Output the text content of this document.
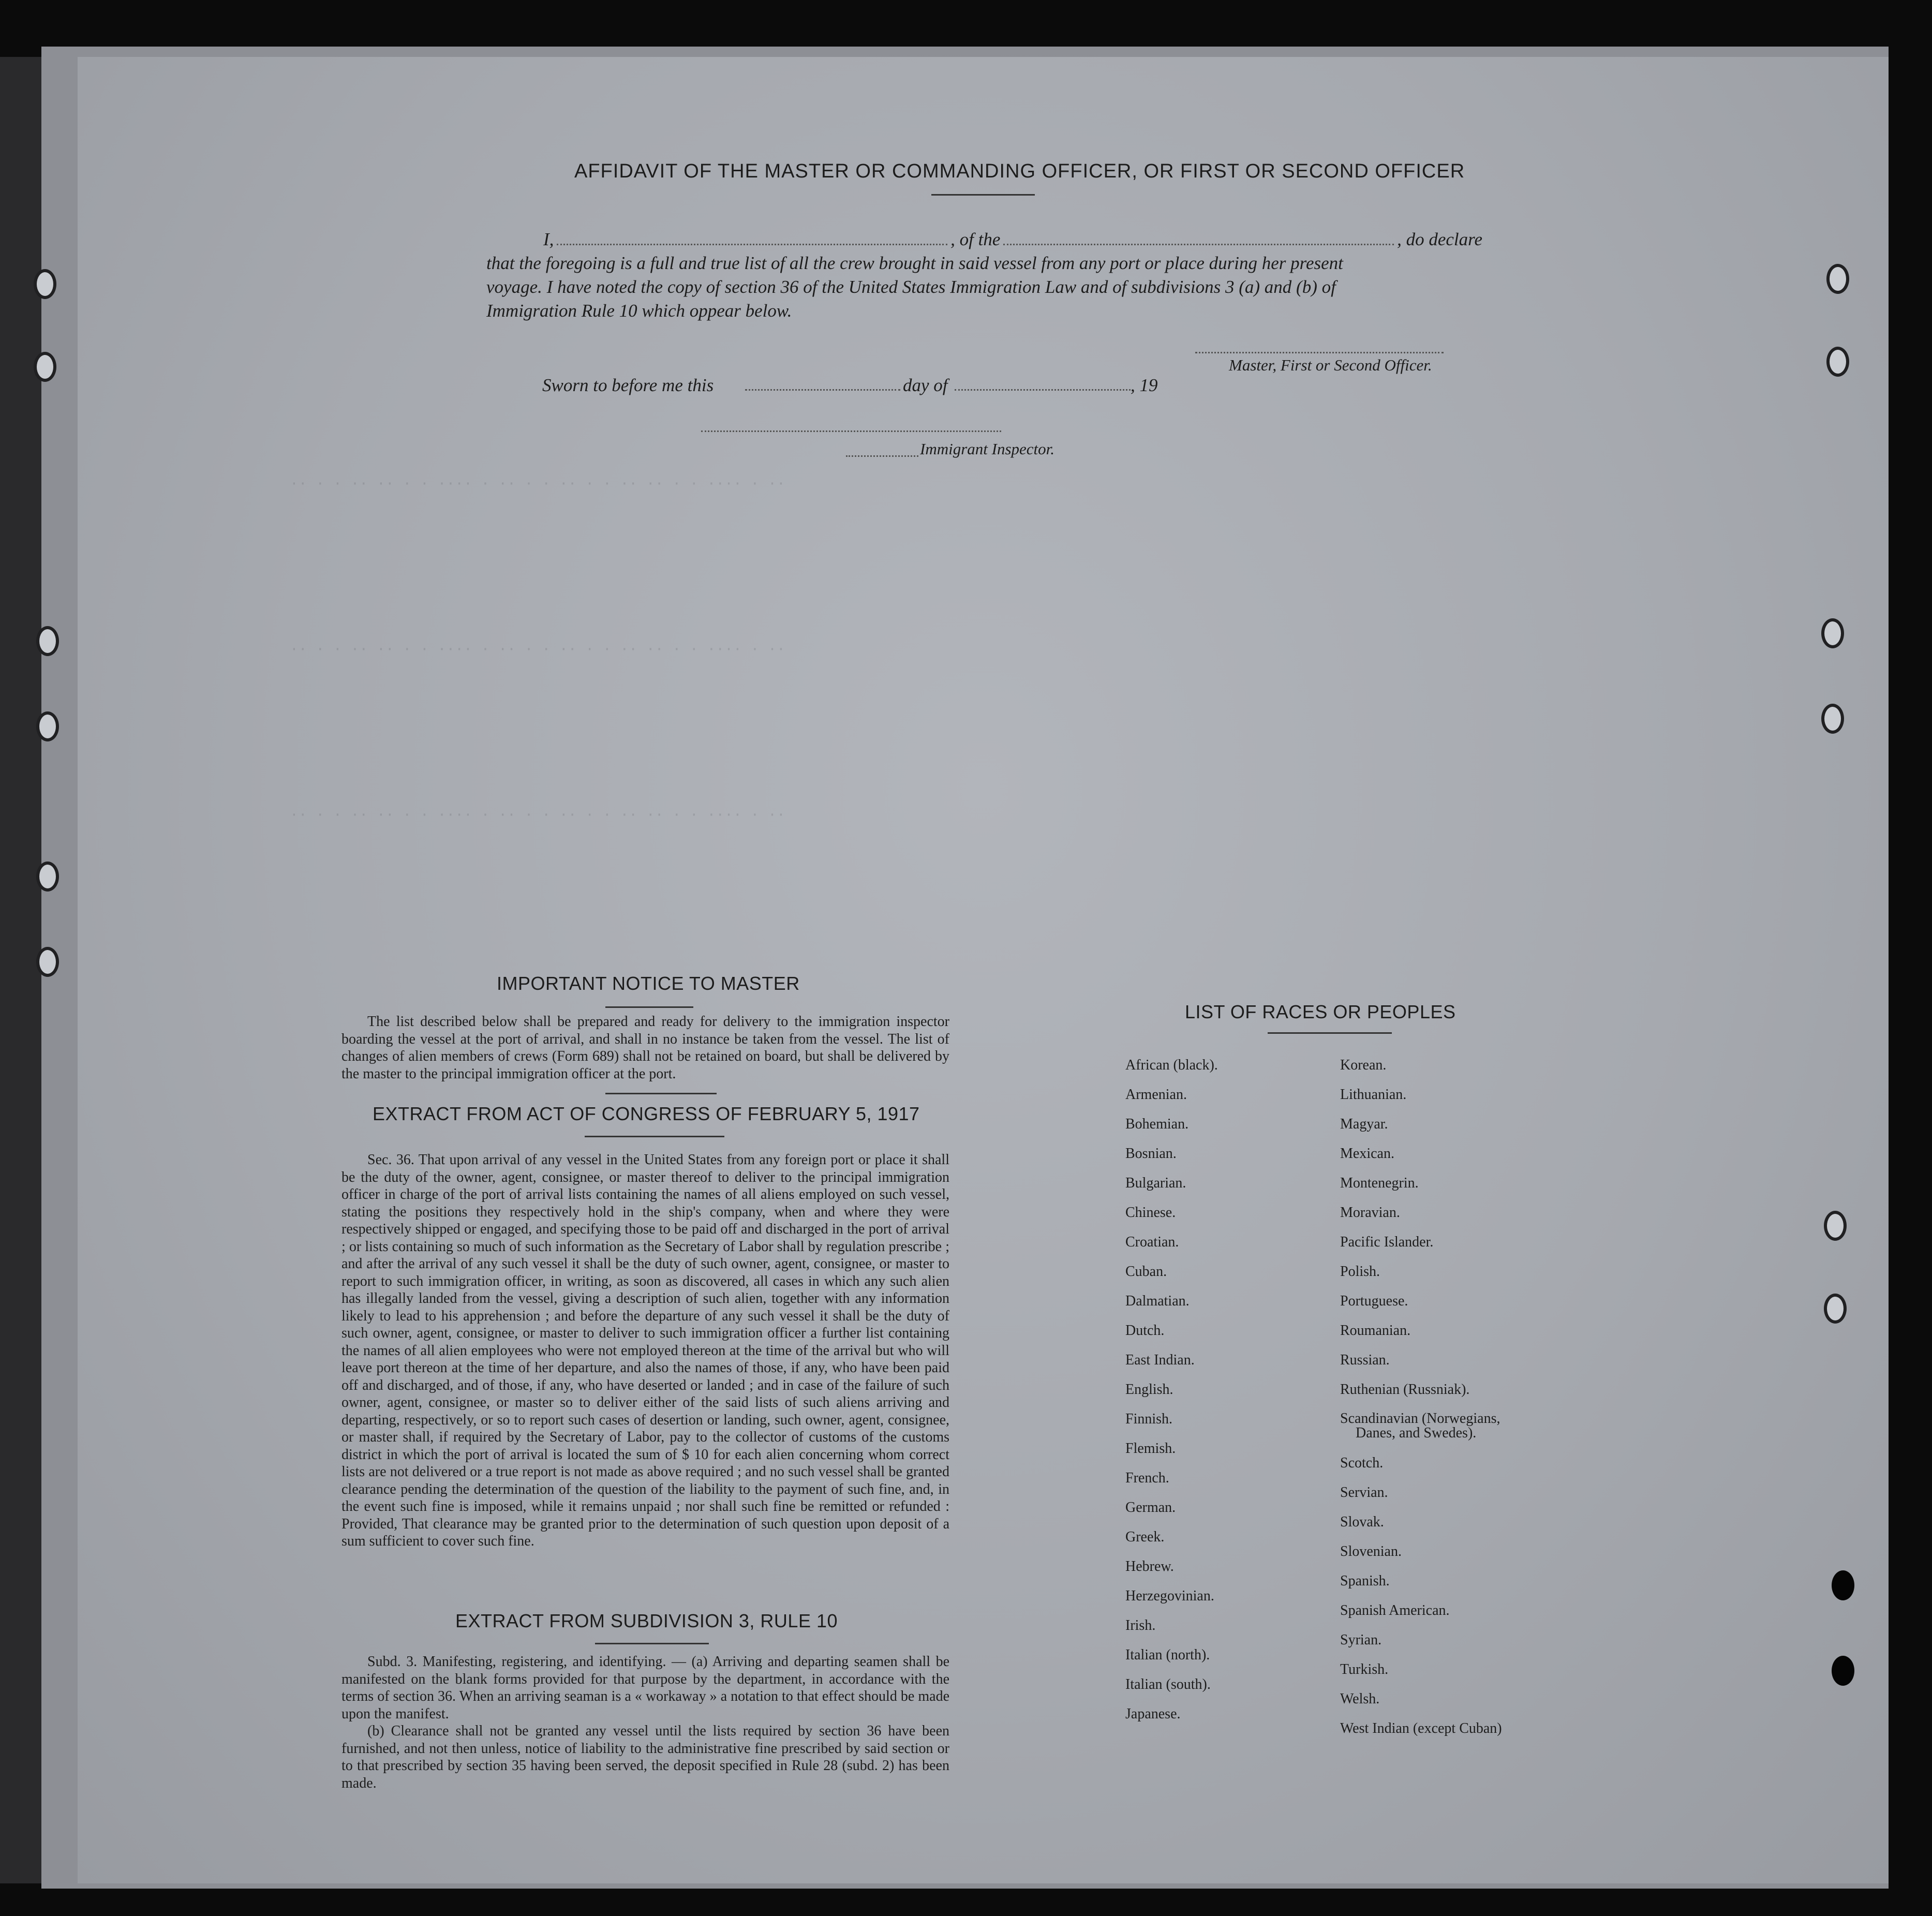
·· · · ·· ·· · · ···· · ·· · · ·· · · ·· ·· · · ···· · ··
·· · · ·· ·· · · ···· · ·· · · ·· · · ·· ·· · · ···· · ··
·· · · ·· ·· · · ···· · ·· · · ·· · · ·· ·· · · ···· · ··
AFFIDAVIT OF THE MASTER OR COMMANDING OFFICER, OR FIRST OR SECOND OFFICER
I,	, of the	, do declare
that the foregoing is a full and true list of all the crew brought in said vessel from any port or place during her present
voyage. I have noted the copy of section 36 of the United States Immigration Law and of subdivisions 3 (a) and (b) of
Immigration Rule 10 which oppear below.
Master, First or Second Officer.
Sworn to before me this	day of	, 19
Immigrant Inspector.
IMPORTANT NOTICE TO MASTER

The list described below shall be prepared and ready for delivery to the immigration inspector boarding the vessel at the port of arrival, and shall in no instance be taken from the vessel. The list of changes of alien members of crews (Form 689) shall not be retained on board, but shall be delivered by the master to the principal immigration officer at the port.

EXTRACT FROM ACT OF CONGRESS OF FEBRUARY 5, 1917

Sec. 36. That upon arrival of any vessel in the United States from any foreign port or place it shall be the duty of the owner, agent, consignee, or master thereof to deliver to the principal immigration officer in charge of the port of arrival lists containing the names of all aliens employed on such vessel, stating the positions they respectively hold in the ship's company, when and where they were respectively shipped or engaged, and specifying those to be paid off and discharged in the port of arrival ; or lists containing so much of such information as the Secretary of Labor shall by regulation prescribe ; and after the arrival of any such vessel it shall be the duty of such owner, agent, consignee, or master to report to such immigration officer, in writing, as soon as discovered, all cases in which any such alien has illegally landed from the vessel, giving a description of such alien, together with any information likely to lead to his apprehension ; and before the departure of any such vessel it shall be the duty of such owner, agent, consignee, or master to deliver to such immigration officer a further list containing the names of all alien employees who were not employed thereon at the time of the arrival but who will leave port thereon at the time of her departure, and also the names of those, if any, who have been paid off and discharged, and of those, if any, who have deserted or landed ; and in case of the failure of such owner, agent, consignee, or master so to deliver either of the said lists of such aliens arriving and departing, respectively, or so to report such cases of desertion or landing, such owner, agent, consignee, or master shall, if required by the Secretary of Labor, pay to the collector of customs of the customs district in which the port of arrival is located the sum of $ 10 for each alien concerning whom correct lists are not delivered or a true report is not made as above required ; and no such vessel shall be granted clearance pending the determination of the question of the liability to the payment of such fine, and, in the event such fine is imposed, while it remains unpaid ; nor shall such fine be remitted or refunded : Provided, That clearance may be granted prior to the determination of such question upon deposit of a sum sufficient to cover such fine.

EXTRACT FROM SUBDIVISION 3, RULE 10

Subd. 3. Manifesting, registering, and identifying. — (a) Arriving and departing seamen shall be manifested on the blank forms provided for that purpose by the department, in accordance with the terms of section 36. When an arriving seaman is a « workaway » a notation to that effect should be made upon the manifest.

(b) Clearance shall not be granted any vessel until the lists required by section 36 have been furnished, and not then unless, notice of liability to the administrative fine prescribed by said section or to that prescribed by section 35 having been served, the deposit specified in Rule 28 (subd. 2) has been made.

LIST OF RACES OR PEOPLES
African (black).
Armenian.
Bohemian.
Bosnian.
Bulgarian.
Chinese.
Croatian.
Cuban.
Dalmatian.
Dutch.
East Indian.
English.
Finnish.
Flemish.
French.
German.
Greek.
Hebrew.
Herzegovinian.
Irish.
Italian (north).
Italian (south).
Japanese.
Korean.
Lithuanian.
Magyar.
Mexican.
Montenegrin.
Moravian.
Pacific Islander.
Polish.
Portuguese.
Roumanian.
Russian.
Ruthenian (Russniak).
Scandinavian (Norwegians,
Danes, and Swedes).
Scotch.
Servian.
Slovak.
Slovenian.
Spanish.
Spanish American.
Syrian.
Turkish.
Welsh.
West Indian (except Cuban)
